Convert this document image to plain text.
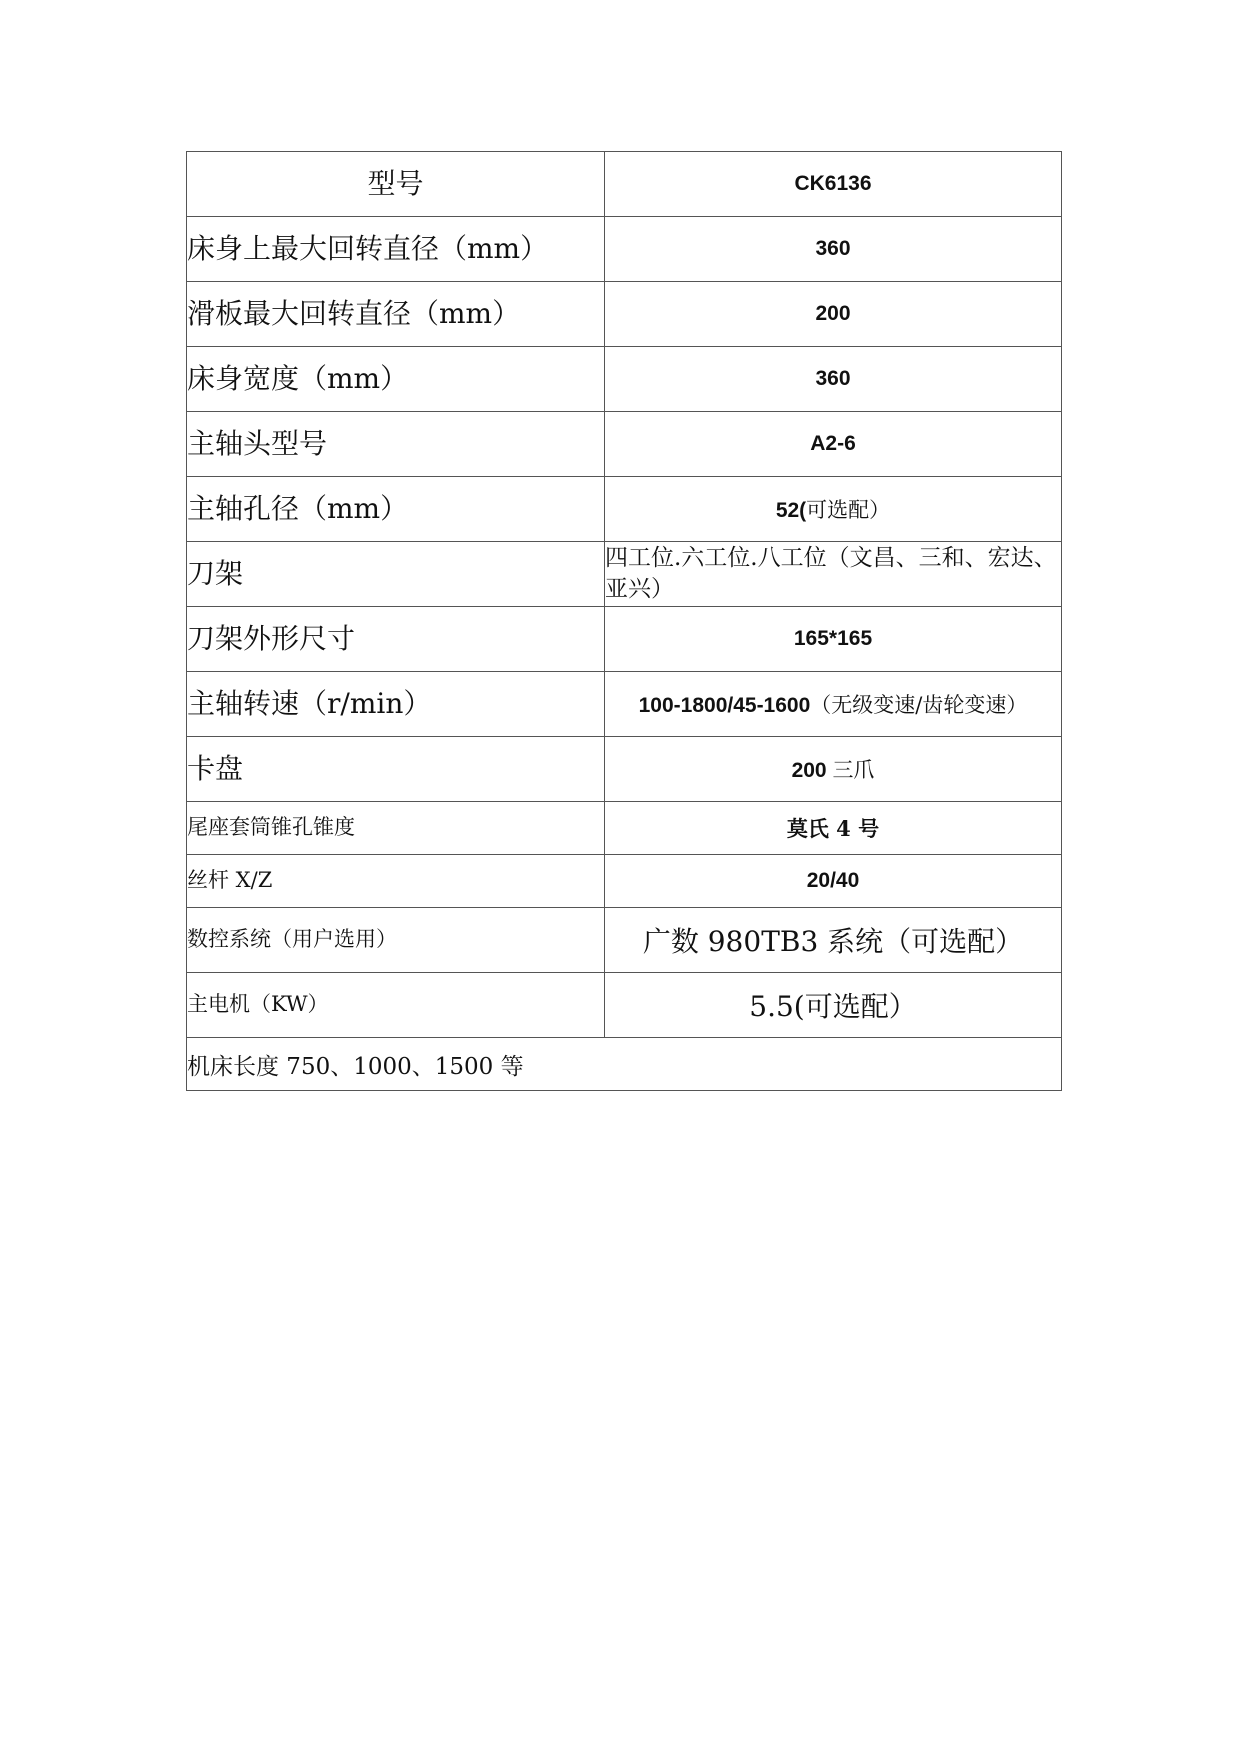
型号	CK6136
床身上最大回转直径（mm）	360
滑板最大回转直径（mm）	200
床身宽度（mm）	360
主轴头型号	A2-6
主轴孔径（mm）	52(可选配）
刀架	四工位.六工位.八工位（文昌、三和、宏达、亚兴）
刀架外形尺寸	165*165
主轴转速（r/min）	100-1800/45-1600（无级变速/齿轮变速）
卡盘	200 三爪
尾座套筒锥孔锥度	莫氏 4 号
丝杆 X/Z	20/40
数控系统（用户选用）	广数 980TB3 系统（可选配）
主电机（KW）	5.5(可选配）
机床长度 750、1000、1500 等	
